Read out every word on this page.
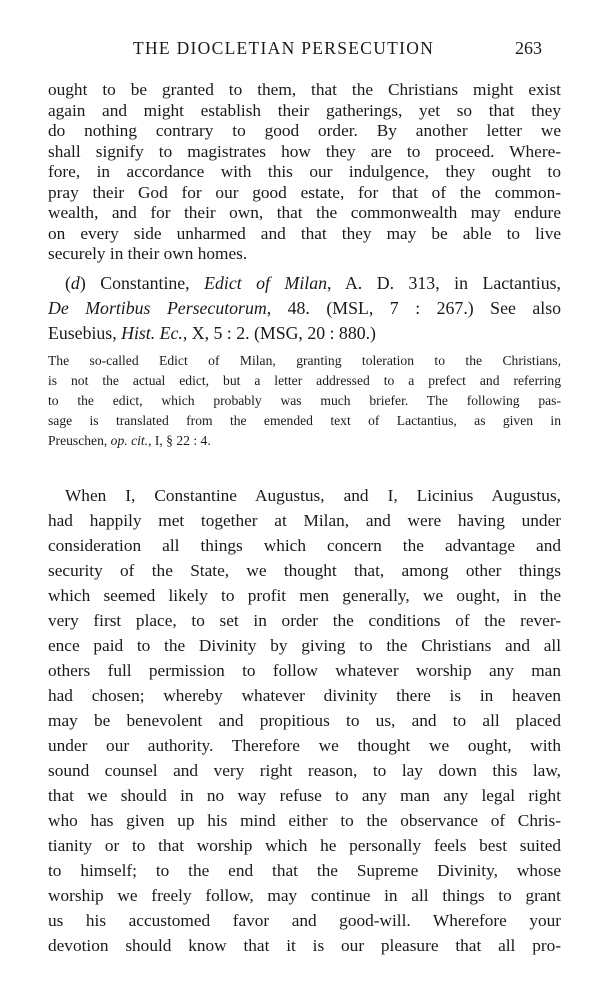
THE DIOCLETIAN PERSECUTION	263
ought to be granted to them, that the Christians might exist
again and might establish their gatherings, yet so that they
do nothing contrary to good order. By another letter we
shall signify to magistrates how they are to proceed. Where-
fore, in accordance with this our indulgence, they ought to
pray their God for our good estate, for that of the common-
wealth, and for their own, that the commonwealth may endure
on every side unharmed and that they may be able to live
securely in their own homes.
(d) Constantine, Edict of Milan, A. D. 313, in Lactantius,
De Mortibus Persecutorum, 48. (MSL, 7 : 267.) See also
Eusebius, Hist. Ec., X, 5 : 2. (MSG, 20 : 880.)
The so-called Edict of Milan, granting toleration to the Christians,
is not the actual edict, but a letter addressed to a prefect and referring
to the edict, which probably was much briefer. The following pas-
sage is translated from the emended text of Lactantius, as given in
Preuschen, op. cit., I, § 22 : 4.
When I, Constantine Augustus, and I, Licinius Augustus,
had happily met together at Milan, and were having under
consideration all things which concern the advantage and
security of the State, we thought that, among other things
which seemed likely to profit men generally, we ought, in the
very first place, to set in order the conditions of the rever-
ence paid to the Divinity by giving to the Christians and all
others full permission to follow whatever worship any man
had chosen; whereby whatever divinity there is in heaven
may be benevolent and propitious to us, and to all placed
under our authority. Therefore we thought we ought, with
sound counsel and very right reason, to lay down this law,
that we should in no way refuse to any man any legal right
who has given up his mind either to the observance of Chris-
tianity or to that worship which he personally feels best suited
to himself; to the end that the Supreme Divinity, whose
worship we freely follow, may continue in all things to grant
us his accustomed favor and good-will. Wherefore your
devotion should know that it is our pleasure that all pro-
